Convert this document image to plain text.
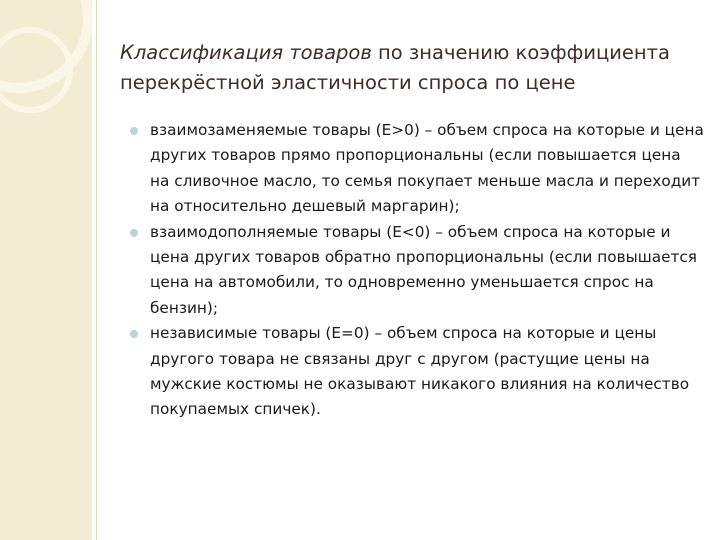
Классификация товаров по значению коэффициента перекрёстной эластичности спроса по цене

взаимозаменяемые товары (E>0) – объем спроса на которые и цена других товаров прямо пропорциональны (если повышается цена на сливочное масло, то семья покупает меньше масла и переходит на относительно дешевый маргарин);

взаимодополняемые товары (E<0) – объем спроса на которые и цена других товаров обратно пропорциональны (если повышается цена на автомобили, то одновременно уменьшается спрос на бензин);

независимые товары (E=0) – объем спроса на которые и цены другого товара не связаны друг с другом (растущие цены на мужские костюмы не оказывают никакого влияния на количество покупаемых спичек).
